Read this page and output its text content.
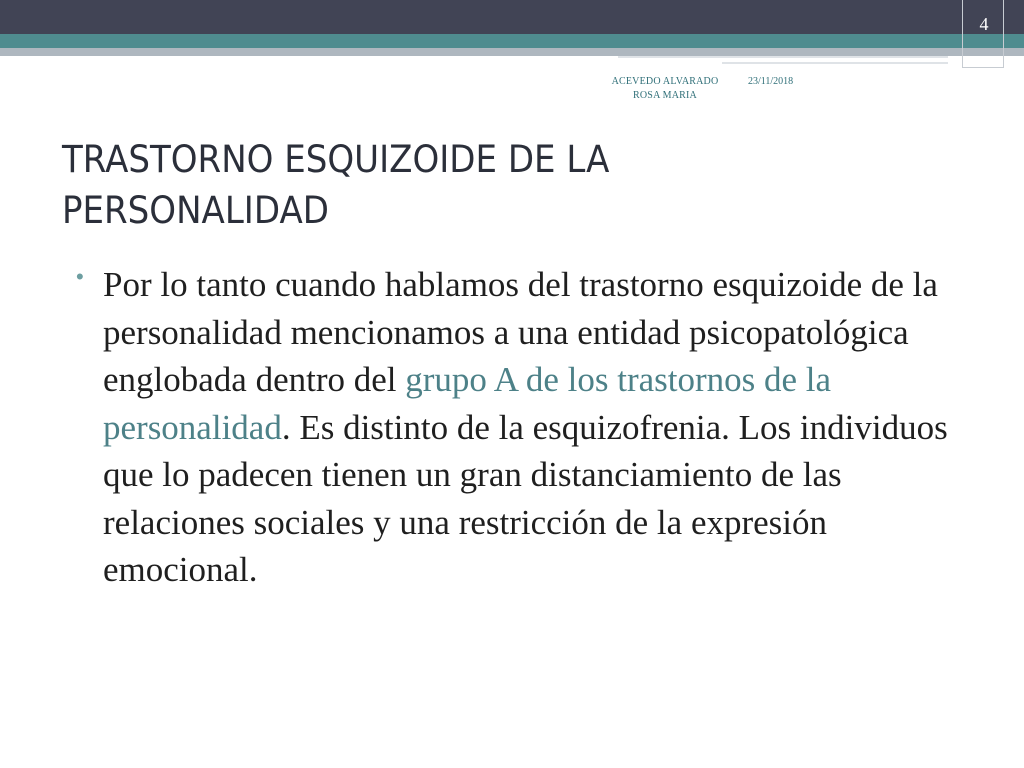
4
ACEVEDO ALVARADO ROSA MARIA
23/11/2018
TRASTORNO ESQUIZOIDE DE LA PERSONALIDAD
• Por lo tanto cuando hablamos del trastorno esquizoide de la personalidad mencionamos a una entidad psicopatológica englobada dentro del grupo A de los trastornos de la personalidad. Es distinto de la esquizofrenia. Los individuos que lo padecen tienen un gran distanciamiento de las relaciones sociales y una restricción de la expresión emocional.
